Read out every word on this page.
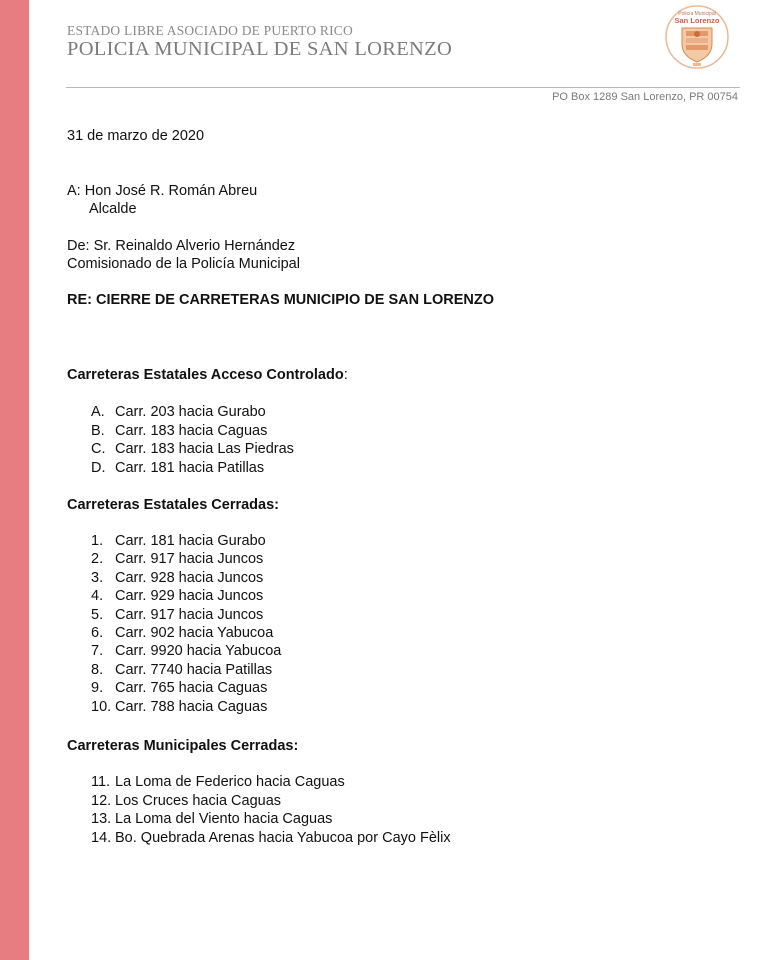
ESTADO LIBRE ASOCIADO DE PUERTO RICO
POLICIA MUNICIPAL DE SAN LORENZO
Policía Municipal
San Lorenzo
PO Box 1289 San Lorenzo, PR 00754
31 de marzo de 2020
A: Hon José R. Román Abreu
Alcalde
De: Sr. Reinaldo Alverio Hernández
Comisionado de la Policía Municipal
RE: CIERRE DE CARRETERAS MUNICIPIO DE SAN LORENZO
Carreteras Estatales Acceso Controlado:
A. Carr. 203 hacia Gurabo
B. Carr. 183 hacia Caguas
C. Carr. 183 hacia Las Piedras
D. Carr. 181 hacia Patillas
Carreteras Estatales Cerradas:
1. Carr. 181 hacia Gurabo
2. Carr. 917 hacia Juncos
3. Carr. 928 hacia Juncos
4. Carr. 929 hacia Juncos
5. Carr. 917 hacia Juncos
6. Carr. 902 hacia Yabucoa
7. Carr. 9920 hacia Yabucoa
8. Carr. 7740 hacia Patillas
9. Carr. 765 hacia Caguas
10. Carr. 788 hacia Caguas
Carreteras Municipales Cerradas:
11. La Loma de Federico hacia Caguas
12. Los Cruces hacia Caguas
13. La Loma del Viento hacia Caguas
14. Bo. Quebrada Arenas hacia Yabucoa por Cayo Fèlix
